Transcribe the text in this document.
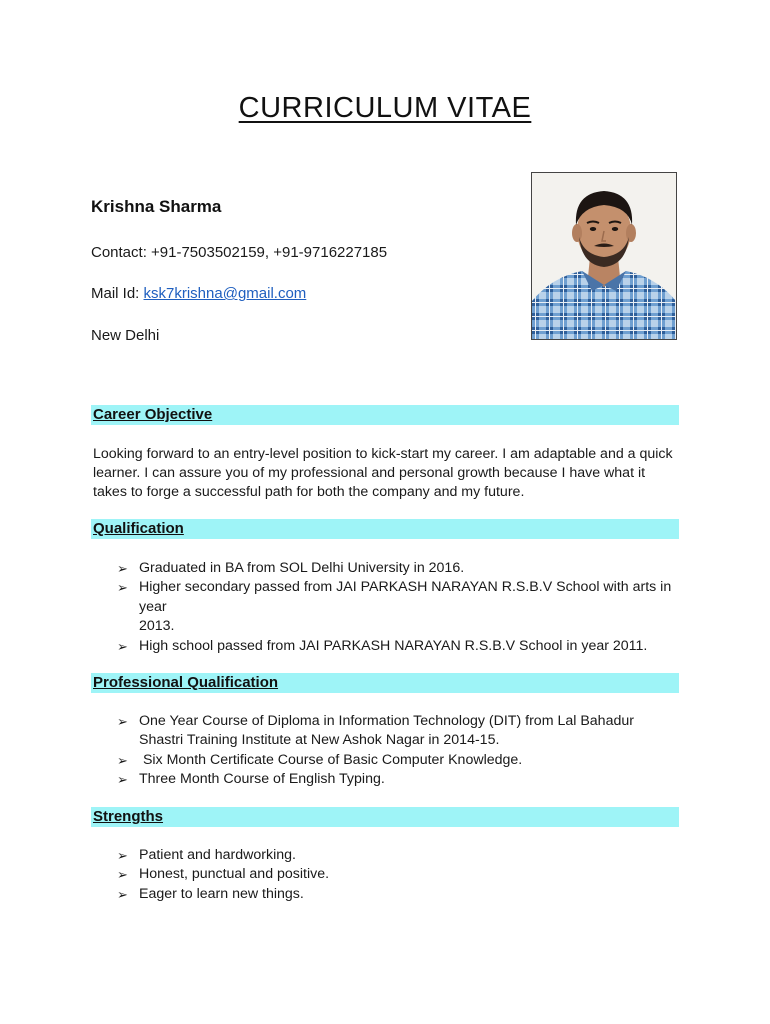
CURRICULUM VITAE
Krishna Sharma
Contact: +91-7503502159, +91-9716227185
Mail Id: ksk7krishna@gmail.com
New Delhi
Career Objective
Looking forward to an entry-level position to kick-start my career. I am adaptable and a quick learner. I can assure you of my professional and personal growth because I have what it takes to forge a successful path for both the company and my future.
Qualification
➢ Graduated in BA from SOL Delhi University in 2016.
➢ Higher secondary passed from JAI PARKASH NARAYAN R.S.B.V School with arts in year
2013.
➢ High school passed from JAI PARKASH NARAYAN R.S.B.V School in year 2011.
Professional Qualification
➢ One Year Course of Diploma in Information Technology (DIT) from Lal Bahadur Shastri Training Institute at New Ashok Nagar in 2014-15.
➢ Six Month Certificate Course of Basic Computer Knowledge.
➢ Three Month Course of English Typing.
Strengths
➢ Patient and hardworking.
➢ Honest, punctual and positive.
➢ Eager to learn new things.
